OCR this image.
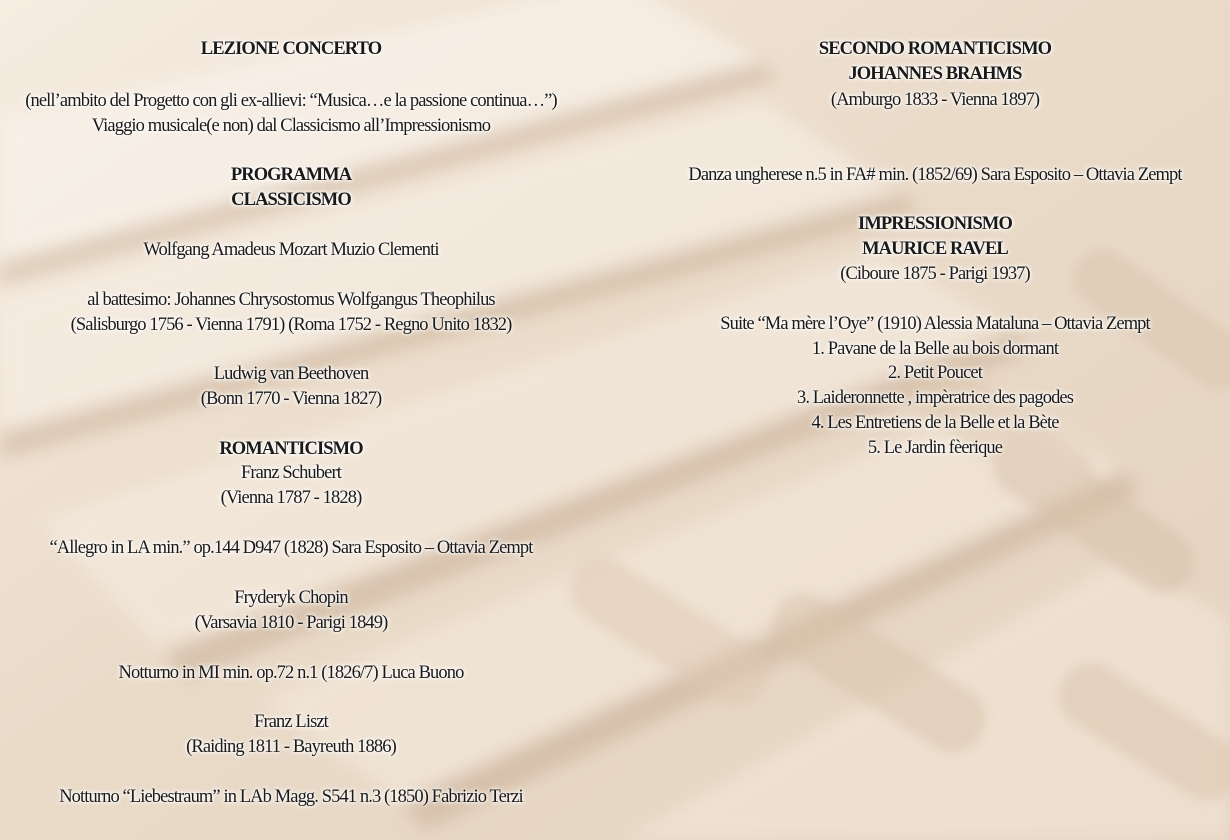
LEZIONE CONCERTO
(nell’ambito del Progetto con gli ex-allievi: “Musica…e la passione continua…”)
Viaggio musicale(e non) dal Classicismo all’Impressionismo
PROGRAMMA
CLASSICISMO
Wolfgang Amadeus Mozart Muzio Clementi
al battesimo: Johannes Chrysostomus Wolfgangus Theophilus
(Salisburgo 1756 - Vienna 1791) (Roma 1752 - Regno Unito 1832)
Ludwig van Beethoven
(Bonn 1770 - Vienna 1827)
ROMANTICISMO
Franz Schubert
(Vienna 1787 - 1828)
“Allegro in LA min.” op.144 D947 (1828) Sara Esposito – Ottavia Zempt
Fryderyk Chopin
(Varsavia 1810 - Parigi 1849)
Notturno in MI min. op.72 n.1 (1826/7) Luca Buono
Franz Liszt
(Raiding 1811 - Bayreuth 1886)
Notturno “Liebestraum” in LAb Magg. S541 n.3 (1850) Fabrizio Terzi
SECONDO ROMANTICISMO
JOHANNES BRAHMS
(Amburgo 1833 - Vienna 1897)
Danza ungherese n.5 in FA# min. (1852/69) Sara Esposito – Ottavia Zempt
IMPRESSIONISMO
MAURICE RAVEL
(Ciboure 1875 - Parigi 1937)
Suite “Ma mère l’Oye” (1910) Alessia Mataluna – Ottavia Zempt
1. Pavane de la Belle au bois dormant
2. Petit Poucet
3. Laideronnette , impèratrice des pagodes
4. Les Entretiens de la Belle et la Bète
5. Le Jardin fèerique
